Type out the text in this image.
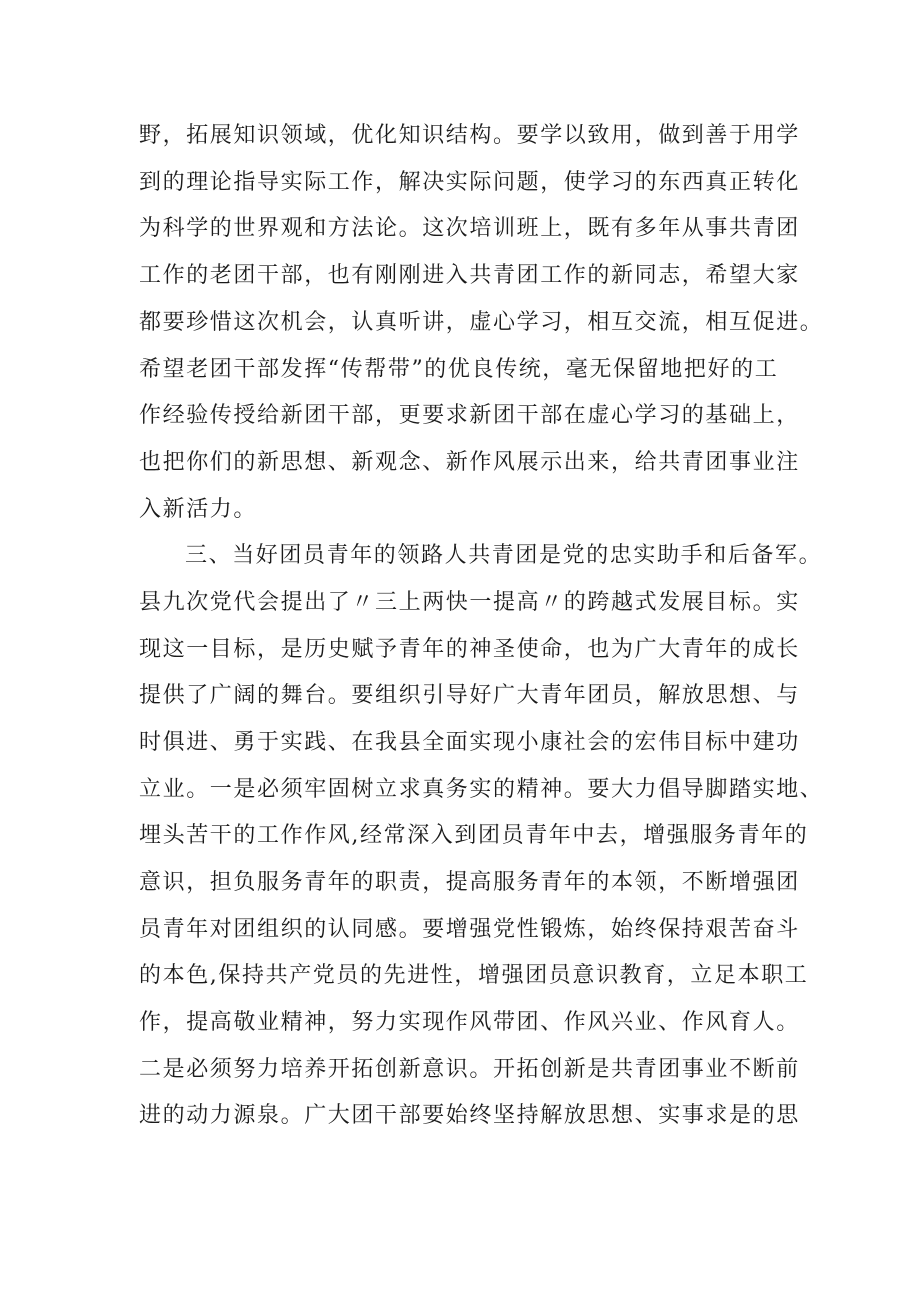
野，拓展知识领域，优化知识结构。要学以致用，做到善于用学
到的理论指导实际工作，解决实际问题，使学习的东西真正转化
为科学的世界观和方法论。这次培训班上，既有多年从事共青团
工作的老团干部，也有刚刚进入共青团工作的新同志，希望大家
都要珍惜这次机会，认真听讲，虚心学习，相互交流，相互促进。
希望老团干部发挥“传帮带”的优良传统，毫无保留地把好的工
作经验传授给新团干部，更要求新团干部在虚心学习的基础上，
也把你们的新思想、新观念、新作风展示出来，给共青团事业注
入新活力。
三、当好团员青年的领路人共青团是党的忠实助手和后备军。
县九次党代会提出了〃三上两快一提高〃的跨越式发展目标。实
现这一目标，是历史赋予青年的神圣使命，也为广大青年的成长
提供了广阔的舞台。要组织引导好广大青年团员，解放思想、与
时俱进、勇于实践、在我县全面实现小康社会的宏伟目标中建功
立业。一是必须牢固树立求真务实的精神。要大力倡导脚踏实地、
埋头苦干的工作作风,经常深入到团员青年中去，增强服务青年的
意识，担负服务青年的职责，提高服务青年的本领，不断增强团
员青年对团组织的认同感。要增强党性锻炼，始终保持艰苦奋斗
的本色,保持共产党员的先进性，增强团员意识教育，立足本职工
作，提高敬业精神，努力实现作风带团、作风兴业、作风育人。
二是必须努力培养开拓创新意识。开拓创新是共青团事业不断前
进的动力源泉。广大团干部要始终坚持解放思想、实事求是的思
